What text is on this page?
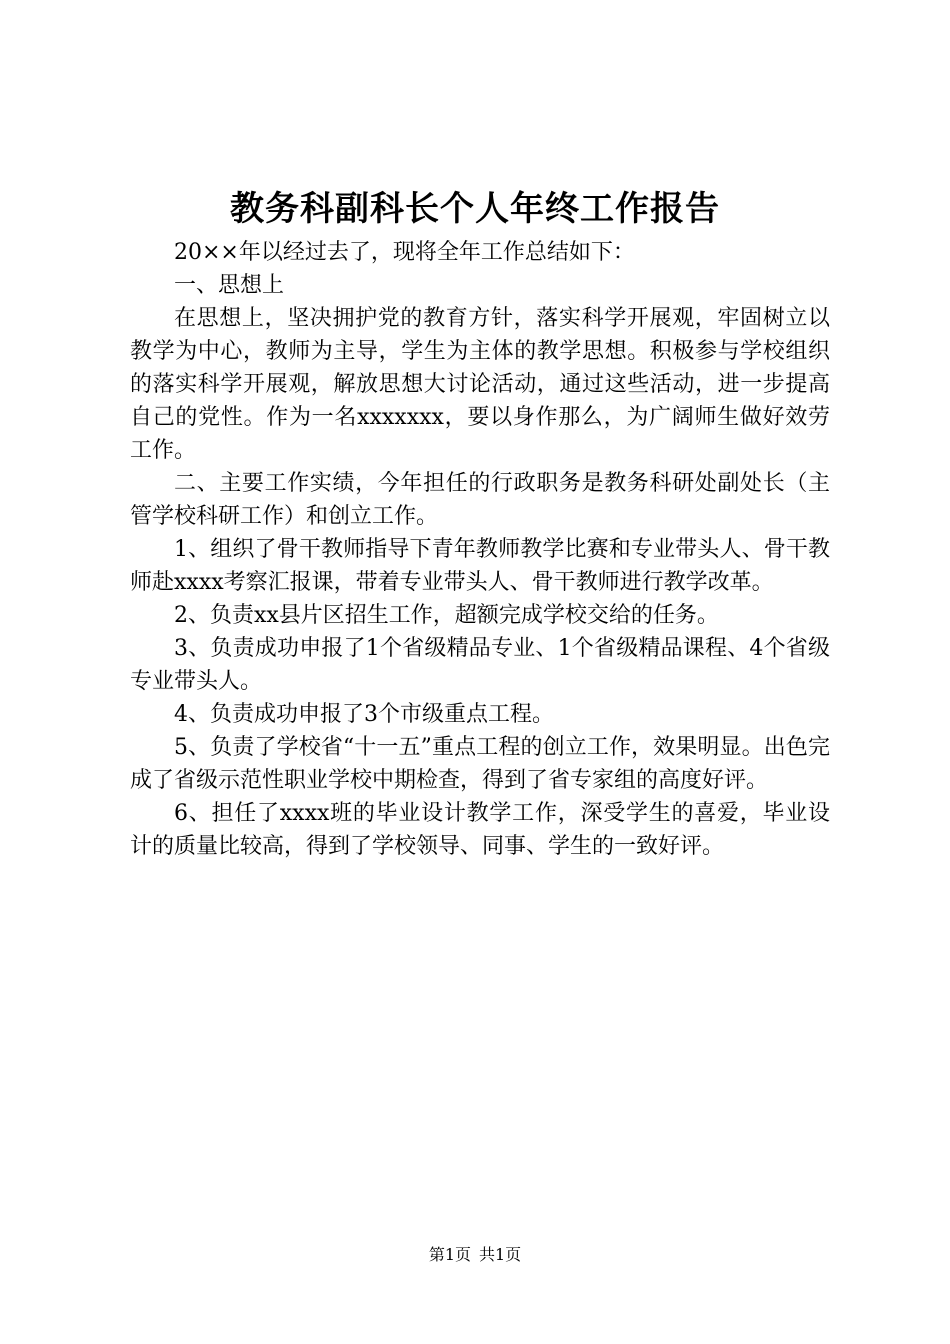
教务科副科长个人年终工作报告

20××年以经过去了，现将全年工作总结如下：

一、思想上

在思想上，坚决拥护党的教育方针，落实科学开展观，牢固树立以教学为中心，教师为主导，学生为主体的教学思想。积极参与学校组织的落实科学开展观，解放思想大讨论活动，通过这些活动，进一步提高自己的党性。作为一名xxxxxxx，要以身作那么，为广阔师生做好效劳工作。

二、主要工作实绩，今年担任的行政职务是教务科研处副处长（主管学校科研工作）和创立工作。

1、组织了骨干教师指导下青年教师教学比赛和专业带头人、骨干教师赴xxxx考察汇报课，带着专业带头人、骨干教师进行教学改革。

2、负责xx县片区招生工作，超额完成学校交给的任务。

3、负责成功申报了1个省级精品专业、1个省级精品课程、4个省级专业带头人。

4、负责成功申报了3个市级重点工程。

5、负责了学校省“十一五”重点工程的创立工作，效果明显。出色完成了省级示范性职业学校中期检查，得到了省专家组的高度好评。

6、担任了xxxx班的毕业设计教学工作，深受学生的喜爱，毕业设计的质量比较高，得到了学校领导、同事、学生的一致好评。

第1页 共1页
